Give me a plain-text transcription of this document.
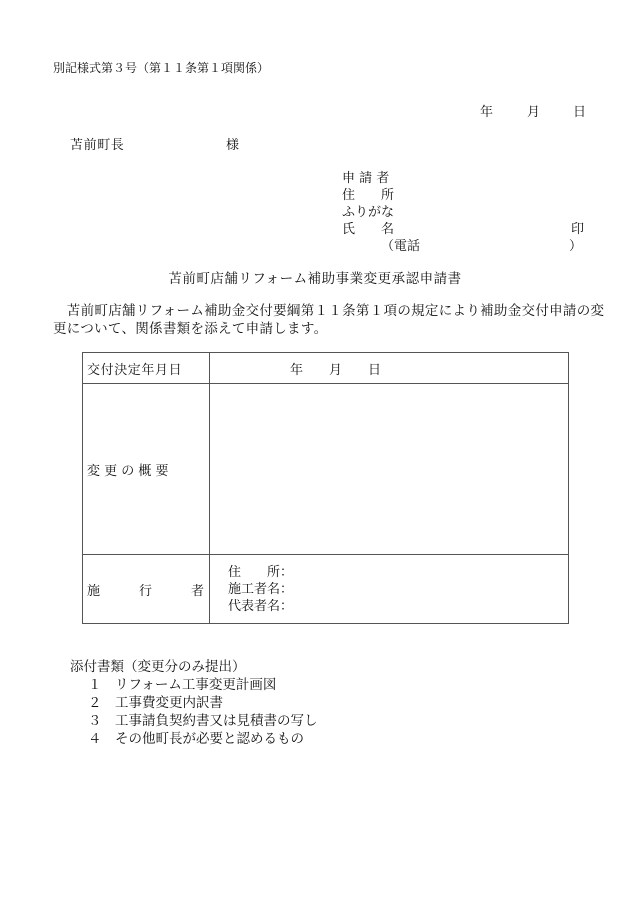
別記様式第３号（第１１条第１項関係）
年	月	日
苫前町長	様
申 請 者
住　　所
ふりがな
氏　　名	印
（電話	）
苫前町店舗リフォーム補助事業変更承認申請書
　苫前町店舗リフォーム補助金交付要綱第１１条第１項の規定により補助金交付申請の変更について、関係書類を添えて申請します。
交付決定年月日	年　　月　　日
変 更 の 概 要	
施　　　行　　　者	住　　所：
施工者名：
代表者名：
添付書類（変更分のみ提出）
１　リフォーム工事変更計画図
２　工事費変更内訳書
３　工事請負契約書又は見積書の写し
４　その他町長が必要と認めるもの
